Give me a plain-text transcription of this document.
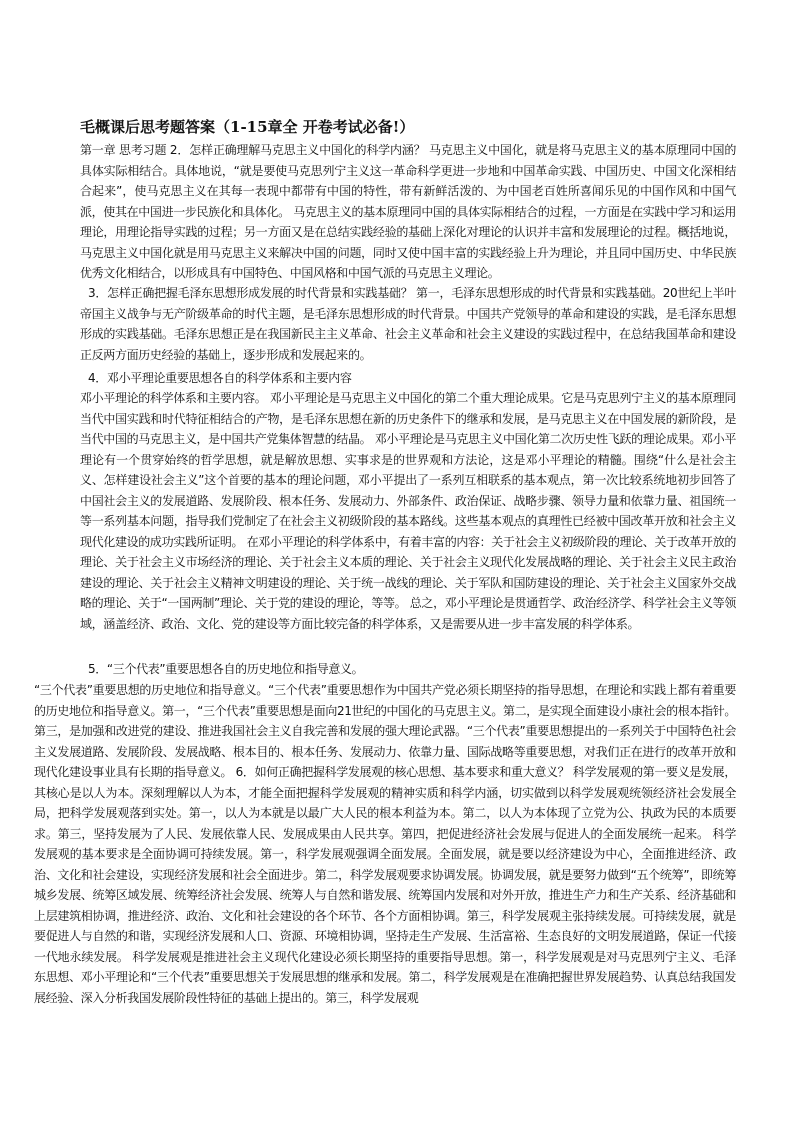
毛概课后思考题答案（1-15章全 开卷考试必备!）
第一章 思考习题 2．怎样正确理解马克思主义中国化的科学内涵？ 马克思主义中国化，就是将马克思主义的基本原理同中国的具体实际相结合。具体地说，“就是要使马克思列宁主义这一革命科学更进一步地和中国革命实践、中国历史、中国文化深相结合起来”，使马克思主义在其每一表现中都带有中国的特性，带有新鲜活泼的、为中国老百姓所喜闻乐见的中国作风和中国气派，使其在中国进一步民族化和具体化。 马克思主义的基本原理同中国的具体实际相结合的过程，一方面是在实践中学习和运用理论，用理论指导实践的过程；另一方面又是在总结实践经验的基础上深化对理论的认识并丰富和发展理论的过程。概括地说，马克思主义中国化就是用马克思主义来解决中国的问题，同时又使中国丰富的实践经验上升为理论，并且同中国历史、中华民族优秀文化相结合，以形成具有中国特色、中国风格和中国气派的马克思主义理论。
3．怎样正确把握毛泽东思想形成发展的时代背景和实践基础？ 第一，毛泽东思想形成的时代背景和实践基础。20世纪上半叶帝国主义战争与无产阶级革命的时代主题，是毛泽东思想形成的时代背景。中国共产党领导的革命和建设的实践，是毛泽东思想形成的实践基础。毛泽东思想正是在我国新民主主义革命、社会主义革命和社会主义建设的实践过程中，在总结我国革命和建设正反两方面历史经验的基础上，逐步形成和发展起来的。
4．邓小平理论重要思想各自的科学体系和主要内容
邓小平理论的科学体系和主要内容。 邓小平理论是马克思主义中国化的第二个重大理论成果。它是马克思列宁主义的基本原理同当代中国实践和时代特征相结合的产物，是毛泽东思想在新的历史条件下的继承和发展，是马克思主义在中国发展的新阶段，是当代中国的马克思主义，是中国共产党集体智慧的结晶。 邓小平理论是马克思主义中国化第二次历史性飞跃的理论成果。邓小平理论有一个贯穿始终的哲学思想，就是解放思想、实事求是的世界观和方法论，这是邓小平理论的精髓。围绕“什么是社会主义、怎样建设社会主义”这个首要的基本的理论问题，邓小平提出了一系列互相联系的基本观点，第一次比较系统地初步回答了中国社会主义的发展道路、发展阶段、根本任务、发展动力、外部条件、政治保证、战略步骤、领导力量和依靠力量、祖国统一等一系列基本问题，指导我们党制定了在社会主义初级阶段的基本路线。这些基本观点的真理性已经被中国改革开放和社会主义现代化建设的成功实践所证明。 在邓小平理论的科学体系中，有着丰富的内容：关于社会主义初级阶段的理论、关于改革开放的理论、关于社会主义市场经济的理论、关于社会主义本质的理论、关于社会主义现代化发展战略的理论、关于社会主义民主政治建设的理论、关于社会主义精神文明建设的理论、关于统一战线的理论、关于军队和国防建设的理论、关于社会主义国家外交战略的理论、关于“一国两制”理论、关于党的建设的理论，等等。 总之，邓小平理论是贯通哲学、政治经济学、科学社会主义等领域，涵盖经济、政治、文化、党的建设等方面比较完备的科学体系，又是需要从进一步丰富发展的科学体系。
5．“三个代表”重要思想各自的历史地位和指导意义。
“三个代表”重要思想的历史地位和指导意义。“三个代表”重要思想作为中国共产党必须长期坚持的指导思想，在理论和实践上都有着重要的历史地位和指导意义。第一，“三个代表”重要思想是面向21世纪的中国化的马克思主义。第二，是实现全面建设小康社会的根本指针。第三，是加强和改进党的建设、推进我国社会主义自我完善和发展的强大理论武器。“三个代表”重要思想提出的一系列关于中国特色社会主义发展道路、发展阶段、发展战略、根本目的、根本任务、发展动力、依靠力量、国际战略等重要思想，对我们正在进行的改革开放和现代化建设事业具有长期的指导意义。 6．如何正确把握科学发展观的核心思想、基本要求和重大意义？ 科学发展观的第一要义是发展，其核心是以人为本。深刻理解以人为本，才能全面把握科学发展观的精神实质和科学内涵，切实做到以科学发展观统领经济社会发展全局，把科学发展观落到实处。第一，以人为本就是以最广大人民的根本利益为本。第二，以人为本体现了立党为公、执政为民的本质要求。第三，坚持发展为了人民、发展依靠人民、发展成果由人民共享。第四，把促进经济社会发展与促进人的全面发展统一起来。 科学发展观的基本要求是全面协调可持续发展。第一，科学发展观强调全面发展。全面发展，就是要以经济建设为中心，全面推进经济、政治、文化和社会建设，实现经济发展和社会全面进步。第二，科学发展观要求协调发展。协调发展，就是要努力做到“五个统筹”，即统筹城乡发展、统筹区域发展、统筹经济社会发展、统筹人与自然和谐发展、统筹国内发展和对外开放，推进生产力和生产关系、经济基础和上层建筑相协调，推进经济、政治、文化和社会建设的各个环节、各个方面相协调。第三，科学发展观主张持续发展。可持续发展，就是要促进人与自然的和谐，实现经济发展和人口、资源、环境相协调，坚持走生产发展、生活富裕、生态良好的文明发展道路，保证一代接一代地永续发展。 科学发展观是推进社会主义现代化建设必须长期坚持的重要指导思想。第一，科学发展观是对马克思列宁主义、毛泽东思想、邓小平理论和“三个代表”重要思想关于发展思想的继承和发展。第二，科学发展观是在准确把握世界发展趋势、认真总结我国发展经验、深入分析我国发展阶段性特征的基础上提出的。第三，科学发展观
